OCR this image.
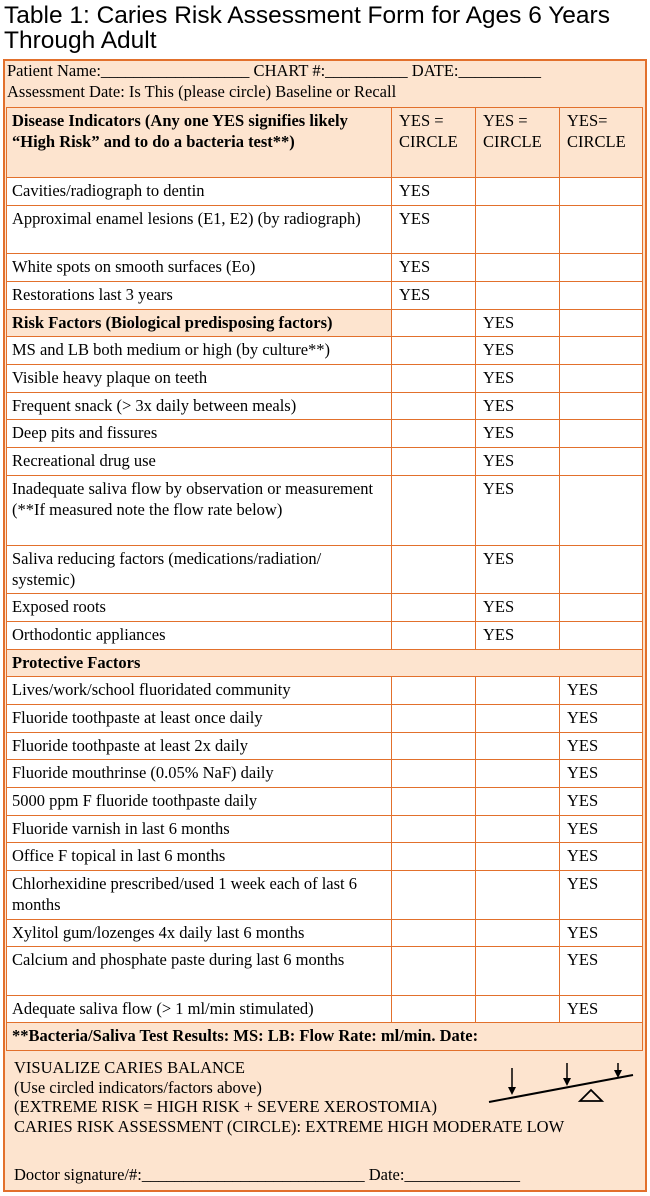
Table 1: Caries Risk Assessment Form for Ages 6 Years Through Adult
Patient Name:__________________ CHART #:__________ DATE:__________
Assessment Date: Is This (please circle) Baseline or Recall
Disease Indicators (Any one YES signifies likely “High Risk” and to do a bacteria test**)	YES = CIRCLE	YES = CIRCLE	YES= CIRCLE
Cavities/radiograph to dentin	YES		
Approximal enamel lesions (E1, E2) (by radiograph)	YES		
White spots on smooth surfaces (Eo)	YES		
Restorations last 3 years	YES		
Risk Factors (Biological predisposing factors)		YES	
MS and LB both medium or high (by culture**)		YES	
Visible heavy plaque on teeth		YES	
Frequent snack (> 3x daily between meals)		YES	
Deep pits and fissures		YES	
Recreational drug use		YES	
Inadequate saliva flow by observation or measurement (**If measured note the flow rate below)		YES	
Saliva reducing factors (medications/radiation/ systemic)		YES	
Exposed roots		YES	
Orthodontic appliances		YES	
Protective Factors			
Lives/work/school fluoridated community			YES
Fluoride toothpaste at least once daily			YES
Fluoride toothpaste at least 2x daily			YES
Fluoride mouthrinse (0.05% NaF) daily			YES
5000 ppm F fluoride toothpaste daily			YES
Fluoride varnish in last 6 months			YES
Office F topical in last 6 months			YES
Chlorhexidine prescribed/used 1 week each of last 6 months			YES
Xylitol gum/lozenges 4x daily last 6 months			YES
Calcium and phosphate paste during last 6 months			YES
Adequate saliva flow (> 1 ml/min stimulated)			YES
**Bacteria/Saliva Test Results: MS: LB: Flow Rate: ml/min. Date:			
VISUALIZE CARIES BALANCE
(Use circled indicators/factors above)
(EXTREME RISK = HIGH RISK + SEVERE XEROSTOMIA)
CARIES RISK ASSESSMENT (CIRCLE): EXTREME HIGH MODERATE LOW
Doctor signature/#:___________________________ Date:______________
